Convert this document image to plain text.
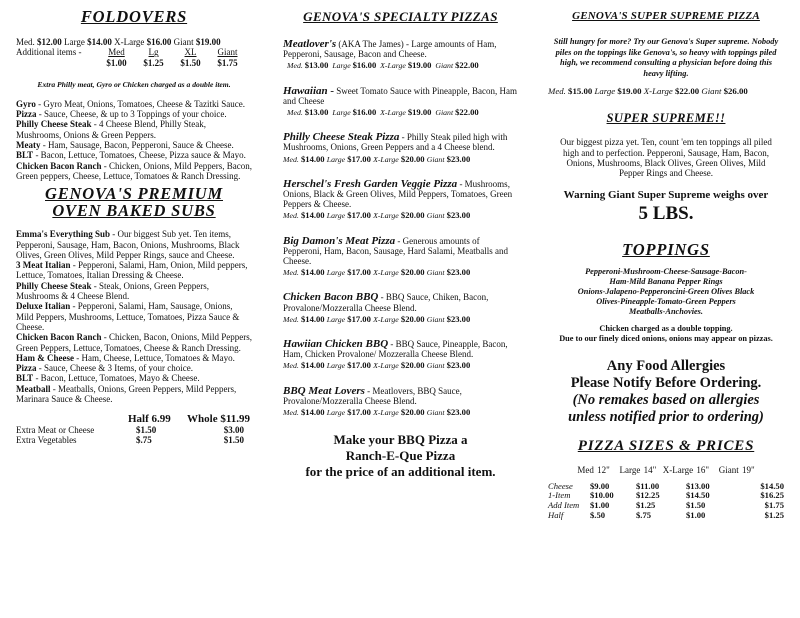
FOLDOVERS
Med. $12.00 Large $14.00 X-Large $16.00 Giant $19.00
Additional items -	Med	Lg	XL	Giant
	$1.00	$1.25	$1.50	$1.75
Extra Philly meat, Gyro or Chicken charged as a double item.

Gyro - Gyro Meat, Onions, Tomatoes, Cheese & Tazitki Sauce.

Pizza - Sauce, Cheese, & up to 3 Toppings of your choice.

Philly Cheese Steak - 4 Cheese Blend, Philly Steak, Mushrooms, Onions & Green Peppers.

Meaty - Ham, Sausage, Bacon, Pepperoni, Sauce & Cheese.

BLT - Bacon, Lettuce, Tomatoes, Cheese, Pizza sauce & Mayo.

Chicken Bacon Ranch - Chicken, Onions, Mild Peppers, Bacon, Green peppers, Cheese, Lettuce, Tomatoes & Ranch Dressing.

GENOVA'S PREMIUM
OVEN BAKED SUBS

Emma's Everything Sub - Our biggest Sub yet. Ten items, Pepperoni, Sausage, Ham, Bacon, Onions, Mushrooms, Black Olives, Green Olives, Mild Pepper Rings, sauce and Cheese.

3 Meat Italian - Pepperoni, Salami, Ham, Onion, Mild peppers, Lettuce, Tomatoes, Italian Dressing & Cheese.

Philly Cheese Steak - Steak, Onions, Green Peppers, Mushrooms & 4 Cheese Blend.

Deluxe Italian - Pepperoni, Salami, Ham, Sausage, Onions, Mild Peppers, Mushrooms, Lettuce, Tomatoes, Pizza Sauce & Cheese.

Chicken Bacon Ranch - Chicken, Bacon, Onions, Mild Peppers, Green Peppers, Lettuce, Tomatoes, Cheese & Ranch Dressing.

Ham & Cheese - Ham, Cheese, Lettuce, Tomatoes & Mayo.

Pizza - Sauce, Cheese & 3 Items, of your choice.

BLT - Bacon, Lettuce, Tomatoes, Mayo & Cheese.

Meatball - Meatballs, Onions, Green Peppers, Mild Peppers, Marinara Sauce & Cheese.

	Half 6.99	Whole $11.99
Extra Meat or Cheese	$1.50	$3.00
Extra Vegetables	$.75	$1.50
GENOVA'S SPECIALTY PIZZAS
Meatlover's (AKA The James) - Large amounts of Ham, Pepperoni, Sausage, Bacon and Cheese.
Med. $13.00 Large $16.00 X-Large $19.00 Giant $22.00
Hawaiian - Sweet Tomato Sauce with Pineapple, Bacon, Ham and Cheese
Med. $13.00 Large $16.00 X-Large $19.00 Giant $22.00
Philly Cheese Steak Pizza - Philly Steak piled high with Mushrooms, Onions, Green Peppers and a 4 Cheese blend.
Med. $14.00 Large $17.00 X-Large $20.00 Giant $23.00
Herschel's Fresh Garden Veggie Pizza - Mushrooms, Onions, Black & Green Olives, Mild Peppers, Tomatoes, Green Peppers & Cheese.
Med. $14.00 Large $17.00 X-Large $20.00 Giant $23.00
Big Damon's Meat Pizza - Generous amounts of Pepperoni, Ham, Bacon, Sausage, Hard Salami, Meatballs and Cheese.
Med. $14.00 Large $17.00 X-Large $20.00 Giant $23.00
Chicken Bacon BBQ - BBQ Sauce, Chiken, Bacon, Provalone/Mozzeralla Cheese Blend.
Med. $14.00 Large $17.00 X-Large $20.00 Giant $23.00
Hawiian Chicken BBQ - BBQ Sauce, Pineapple, Bacon, Ham, Chicken Provalone/ Mozzeralla Cheese Blend.
Med. $14.00 Large $17.00 X-Large $20.00 Giant $23.00
BBQ Meat Lovers - Meatlovers, BBQ Sauce, Provalone/Mozzeralla Cheese Blend.
Med. $14.00 Large $17.00 X-Large $20.00 Giant $23.00
Make your BBQ Pizza a
Ranch-E-Que Pizza
for the price of an additional item.
GENOVA'S SUPER SUPREME PIZZA
Still hungry for more? Try our Genova's Super supreme. Nobody piles on the toppings like Genova's, so heavy with toppings piled high, we recommend consulting a physician before doing this heavy lifting.
Med. $15.00 Large $19.00 X-Large $22.00 Giant $26.00
SUPER SUPREME!!
Our biggest pizza yet. Ten, count 'em ten toppings all piled high and to perfection. Pepperoni, Sausage, Ham, Bacon, Onions, Mushrooms, Black Olives, Green Olives, Mild Pepper Rings and Cheese.
Warning Giant Super Supreme weighs over
5 LBS.
TOPPINGS
Pepperoni-Mushroom-Cheese-Sausage-Bacon-
Ham-Mild Banana Pepper Rings
Onions-Jalapeno-Pepperoncini-Green Olives Black
Olives-Pineapple-Tomato-Green Peppers
Meatballs-Anchovies.
Chicken charged as a double topping.
Due to our finely diced onions, onions may appear on pizzas.
Any Food Allergies
Please Notify Before Ordering.
(No remakes based on allergies
unless notified prior to ordering)
PIZZA SIZES & PRICES
Med 12" Large 14" X-Large 16" Giant 19"
Cheese	$9.00	$11.00	$13.00	$14.50
1-Item	$10.00	$12.25	$14.50	$16.25
Add Item	$1.00	$1.25	$1.50	$1.75
Half	$.50	$.75	$1.00	$1.25
